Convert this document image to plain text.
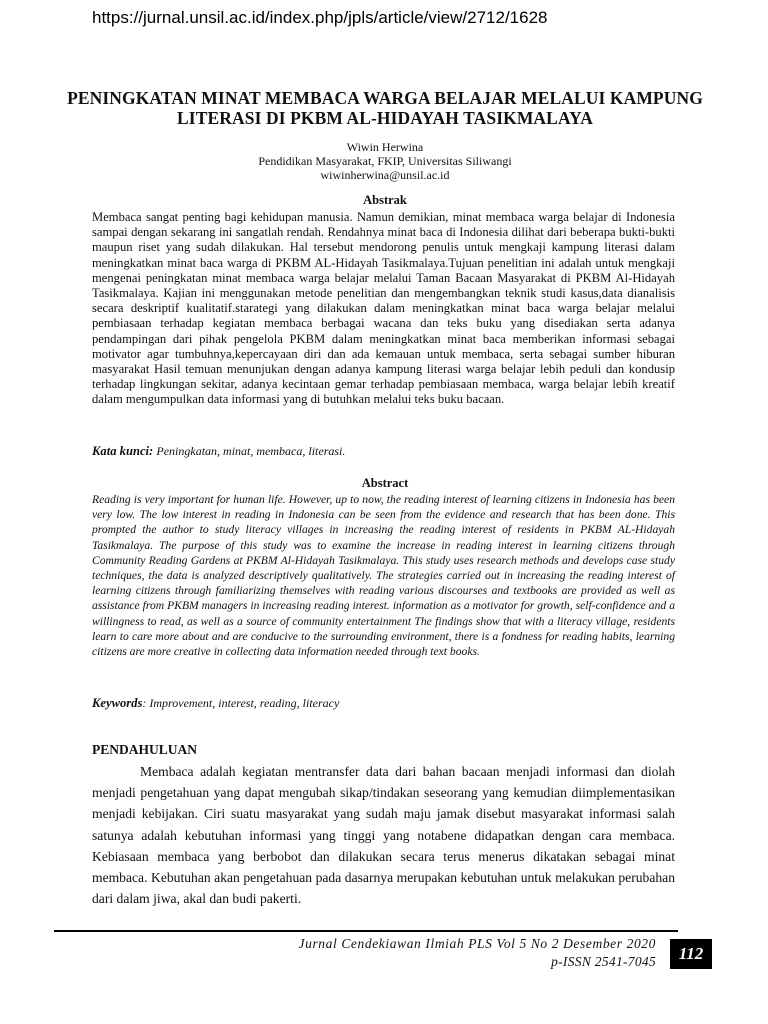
https://jurnal.unsil.ac.id/index.php/jpls/article/view/2712/1628
PENINGKATAN MINAT MEMBACA WARGA BELAJAR MELALUI KAMPUNG LITERASI DI PKBM AL-HIDAYAH TASIKMALAYA
Wiwin Herwina
Pendidikan Masyarakat, FKIP, Universitas Siliwangi
wiwinherwina@unsil.ac.id
Abstrak

Membaca sangat penting bagi kehidupan manusia. Namun demikian, minat membaca warga belajar di Indonesia sampai dengan sekarang ini sangatlah rendah. Rendahnya minat baca di Indonesia dilihat dari beberapa bukti-bukti maupun riset yang sudah dilakukan. Hal tersebut mendorong penulis untuk mengkaji kampung literasi dalam meningkatkan minat baca warga di PKBM AL-Hidayah Tasikmalaya.Tujuan penelitian ini adalah untuk mengkaji mengenai peningkatan minat membaca warga belajar melalui Taman Bacaan Masyarakat di PKBM Al-Hidayah Tasikmalaya. Kajian ini menggunakan metode penelitian dan mengembangkan teknik studi kasus,data dianalisis secara deskriptif kualitatif.starategi yang dilakukan dalam meningkatkan minat baca warga belajar melalui pembiasaan terhadap kegiatan membaca berbagai wacana dan teks buku yang disediakan serta adanya pendampingan dari pihak pengelola PKBM dalam meningkatkan minat baca memberikan informasi sebagai motivator agar tumbuhnya,kepercayaan diri dan ada kemauan untuk membaca, serta sebagai sumber hiburan masyarakat Hasil temuan menunjukan dengan adanya kampung literasi warga belajar lebih peduli dan kondusip terhadap lingkungan sekitar, adanya kecintaan gemar terhadap pembiasaan membaca, warga belajar lebih kreatif dalam mengumpulkan data informasi yang di butuhkan melalui teks buku bacaan.

Kata kunci: Peningkatan, minat, membaca, literasi.
Abstract

Reading is very important for human life. However, up to now, the reading interest of learning citizens in Indonesia has been very low. The low interest in reading in Indonesia can be seen from the evidence and research that has been done. This prompted the author to study literacy villages in increasing the reading interest of residents in PKBM AL-Hidayah Tasikmalaya. The purpose of this study was to examine the increase in reading interest in learning citizens through Community Reading Gardens at PKBM Al-Hidayah Tasikmalaya. This study uses research methods and develops case study techniques, the data is analyzed descriptively qualitatively. The strategies carried out in increasing the reading interest of learning citizens through familiarizing themselves with reading various discourses and textbooks are provided as well as assistance from PKBM managers in increasing reading interest. information as a motivator for growth, self-confidence and a willingness to read, as well as a source of community entertainment The findings show that with a literacy village, residents learn to care more about and are conducive to the surrounding environment, there is a fondness for reading habits, learning citizens are more creative in collecting data information needed through text books.

Keywords: Improvement, interest, reading, literacy
PENDAHULUAN

Membaca adalah kegiatan mentransfer data dari bahan bacaan menjadi informasi dan diolah menjadi pengetahuan yang dapat mengubah sikap/tindakan seseorang yang kemudian diimplementasikan menjadi kebijakan. Ciri suatu masyarakat yang sudah maju jamak disebut masyarakat informasi salah satunya adalah kebutuhan informasi yang tinggi yang notabene didapatkan dengan cara membaca. Kebiasaan membaca yang berbobot dan dilakukan secara terus menerus dikatakan sebagai minat membaca. Kebutuhan akan pengetahuan pada dasarnya merupakan kebutuhan untuk melakukan perubahan dari dalam jiwa, akal dan budi pakerti.

Jurnal Cendekiawan Ilmiah PLS Vol 5 No 2 Desember 2020
p-ISSN 2541-7045	112
